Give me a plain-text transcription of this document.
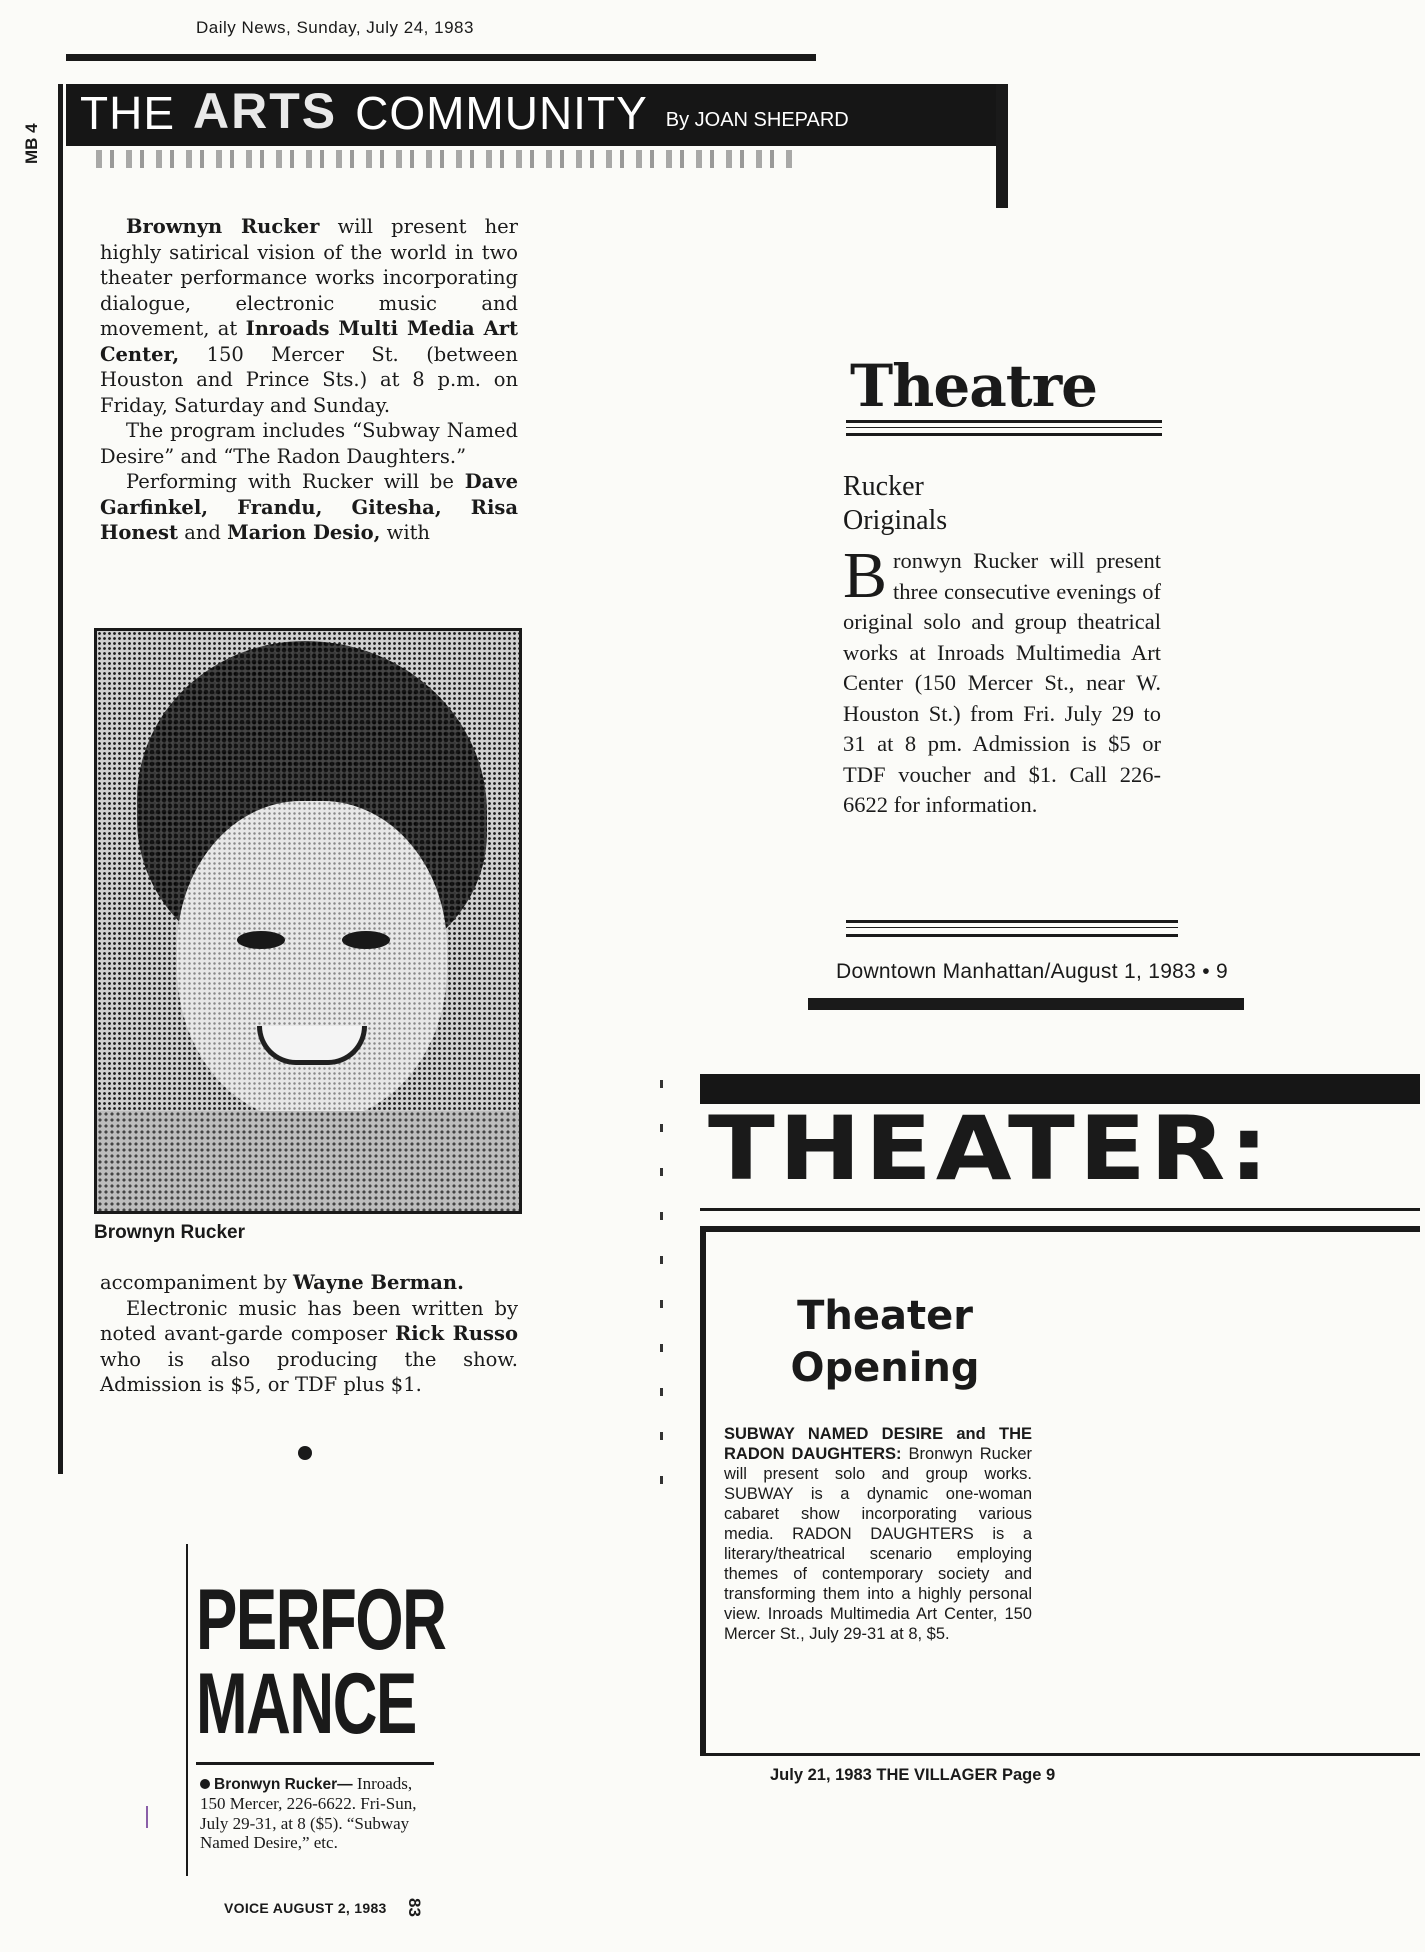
Daily News, Sunday, July 24, 1983
MB 4
THE ARTS COMMUNITY By JOAN SHEPARD

Brownyn Rucker will present her highly satirical vision of the world in two theater performance works incorporating dialogue, electronic music and movement, at Inroads Multi Media Art Center, 150 Mercer St. (between Houston and Prince Sts.) at 8 p.m. on Friday, Saturday and Sunday.

The program includes “Subway Named Desire” and “The Radon Daughters.”

Performing with Rucker will be Dave Garfinkel, Frandu, Gitesha, Risa Honest and Marion Desio, with

Brownyn Rucker

accompaniment by Wayne Berman.

Electronic music has been written by noted avant-garde composer Rick Russo who is also producing the show. Admission is $5, or TDF plus $1.

Theatre
Rucker
Originals

Bronwyn Rucker will present three consecutive evenings of original solo and group theatrical works at Inroads Multimedia Art Center (150 Mercer St., near W. Houston St.) from Fri. July 29 to 31 at 8 pm. Admission is $5 or TDF voucher and $1. Call 226-6622 for information.

Downtown Manhattan/August 1, 1983 • 9
THEATER:
Theater Opening

SUBWAY NAMED DESIRE and THE RADON DAUGHTERS: Bronwyn Rucker will present solo and group works. SUBWAY is a dynamic one-woman cabaret show incorporating various media. RADON DAUGHTERS is a literary/theatrical scenario employing themes of contemporary society and transforming them into a highly personal view. Inroads Multimedia Art Center, 150 Mercer St., July 29-31 at 8, $5.

July 21, 1983 THE VILLAGER Page 9
PERFOR
MANCE
Bronwyn Rucker— Inroads, 150 Mercer, 226-6622. Fri-Sun, July 29-31, at 8 ($5). “Subway Named Desire,” etc.
VOICE AUGUST 2, 1983 83
